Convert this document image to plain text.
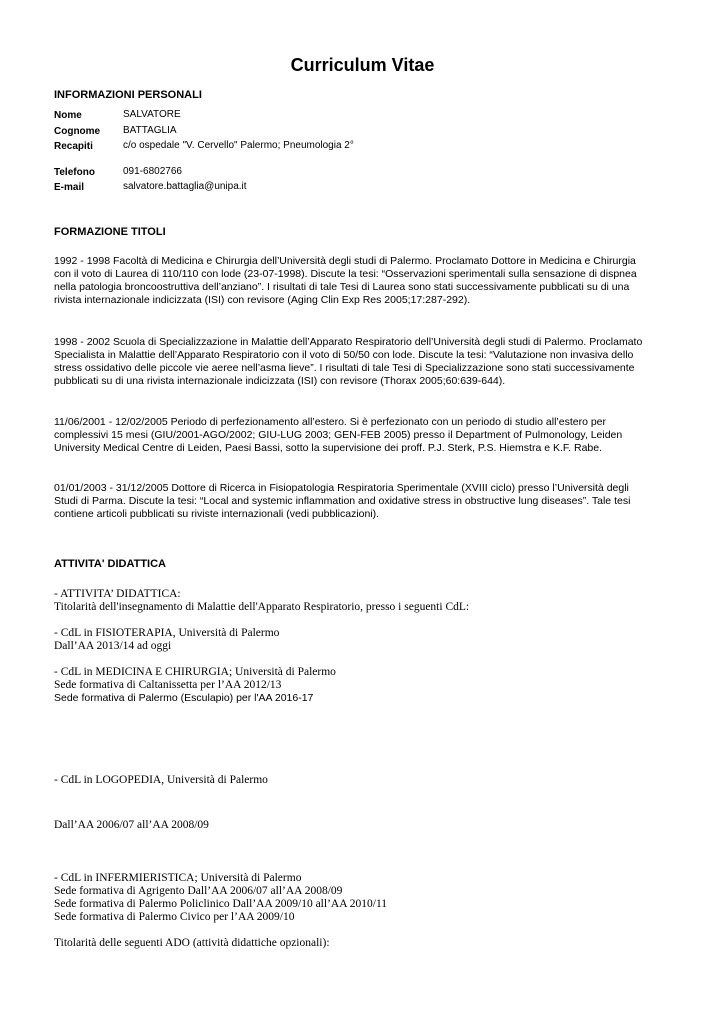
Curriculum Vitae
INFORMAZIONI PERSONALI
Nome	SALVATORE
Cognome BATTAGLIA
Recapiti	c/o ospedale "V. Cervello" Palermo; Pneumologia 2°
Telefono	091-6802766
E-mail	salvatore.battaglia@unipa.it
FORMAZIONE TITOLI
1992 - 1998 Facoltà di Medicina e Chirurgia dell’Università degli studi di Palermo. Proclamato Dottore in Medicina e Chirurgia
con il voto di Laurea di 110/110 con lode (23-07-1998). Discute la tesi: “Osservazioni sperimentali sulla sensazione di dispnea
nella patologia broncoostruttiva dell’anziano”. I risultati di tale Tesi di Laurea sono stati successivamente pubblicati su di una
rivista internazionale indicizzata (ISI) con revisore (Aging Clin Exp Res 2005;17:287-292).
1998 - 2002 Scuola di Specializzazione in Malattie dell’Apparato Respiratorio dell’Università degli studi di Palermo. Proclamato
Specialista in Malattie dell’Apparato Respiratorio con il voto di 50/50 con lode. Discute la tesi: “Valutazione non invasiva dello
stress ossidativo delle piccole vie aeree nell’asma lieve”. I risultati di tale Tesi di Specializzazione sono stati successivamente
pubblicati su di una rivista internazionale indicizzata (ISI) con revisore (Thorax 2005;60:639-644).
11/06/2001 - 12/02/2005 Periodo di perfezionamento all’estero. Si è perfezionato con un periodo di studio all’estero per
complessivi 15 mesi (GIU/2001-AGO/2002; GIU-LUG 2003; GEN-FEB 2005) presso il Department of Pulmonology, Leiden
University Medical Centre di Leiden, Paesi Bassi, sotto la supervisione dei proff. P.J. Sterk, P.S. Hiemstra e K.F. Rabe.
01/01/2003 - 31/12/2005 Dottore di Ricerca in Fisiopatologia Respiratoria Sperimentale (XVIII ciclo) presso l’Università degli
Studi di Parma. Discute la tesi: “Local and systemic inflammation and oxidative stress in obstructive lung diseases”. Tale tesi
contiene articoli pubblicati su riviste internazionali (vedi pubblicazioni).
ATTIVITA' DIDATTICA
- ATTIVITA’ DIDATTICA:
Titolarità dell'insegnamento di Malattie dell'Apparato Respiratorio, presso i seguenti CdL:
- CdL in FISIOTERAPIA, Università di Palermo
Dall’AA 2013/14 ad oggi
- CdL in MEDICINA E CHIRURGIA; Università di Palermo
Sede formativa di Caltanissetta per l’AA 2012/13
Sede formativa di Palermo (Esculapio) per l'AA 2016-17
- CdL in LOGOPEDIA, Università di Palermo
Dall’AA 2006/07 all’AA 2008/09
- CdL in INFERMIERISTICA; Università di Palermo
Sede formativa di Agrigento Dall’AA 2006/07 all’AA 2008/09
Sede formativa di Palermo Policlinico Dall’AA 2009/10 all’AA 2010/11
Sede formativa di Palermo Civico per l’AA 2009/10
Titolarità delle seguenti ADO (attività didattiche opzionali):
